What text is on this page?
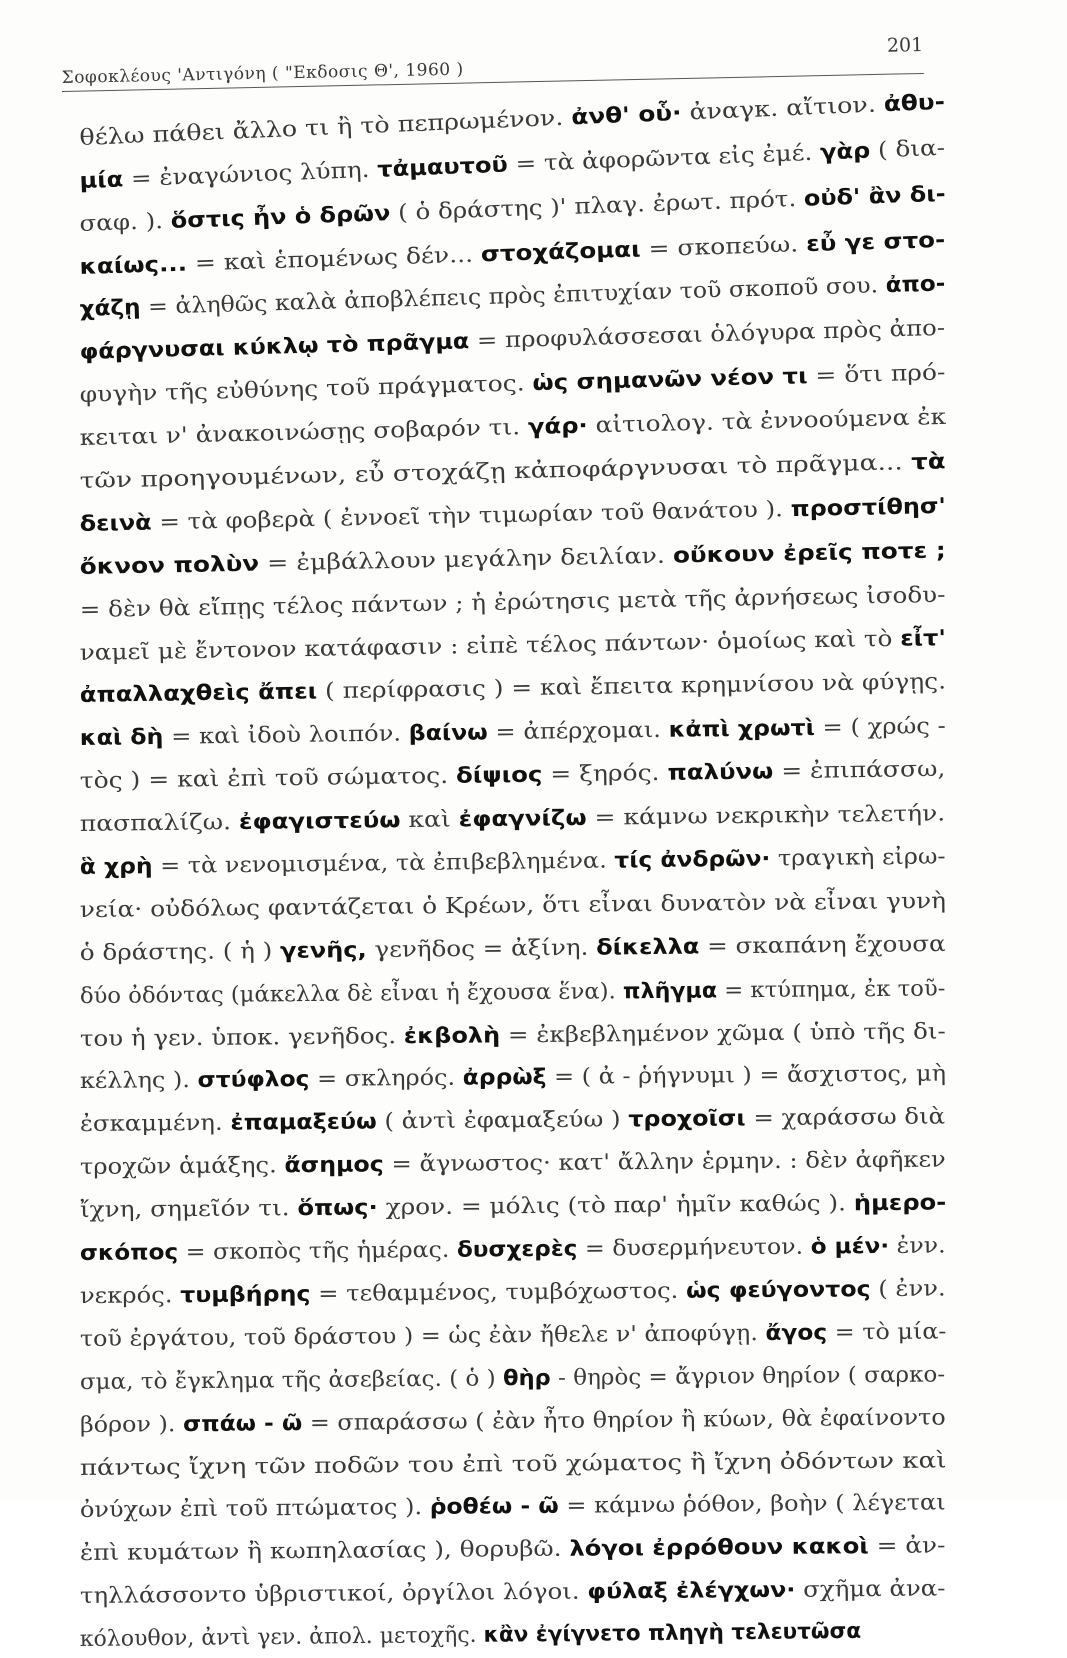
Σοφοκλέους 'Αντιγόνη ( "Εκδοσις Θ', 1960 )
201
θέλω πάθει ἄλλο τι ἢ τὸ πεπρωμένον. ἀνθ' οὗ· ἀναγκ. αἴτιον. ἀθυ-
μία = ἐναγώνιος λύπη. τἀμαυτοῦ = τὰ ἀφορῶντα εἰς ἐμέ. γὰρ ( δια-
σαφ. ). ὅστις ἦν ὁ δρῶν ( ὁ δράστης )' πλαγ. ἐρωτ. πρότ. οὐδ' ἂν δι-
καίως... = καὶ ἑπομένως δέν... στοχάζομαι = σκοπεύω. εὖ γε στο-
χάζῃ = ἀληθῶς καλὰ ἀποβλέπεις πρὸς ἐπιτυχίαν τοῦ σκοποῦ σου. ἀπο-
φάργνυσαι κύκλῳ τὸ πρᾶγμα = προφυλάσσεσαι ὁλόγυρα πρὸς ἀπο-
φυγὴν τῆς εὐθύνης τοῦ πράγματος. ὡς σημανῶν νέον τι = ὅτι πρό-
κειται ν' ἀνακοινώσῃς σοβαρόν τι. γάρ· αἰτιολογ. τὰ ἐννοούμενα ἐκ
τῶν προηγουμένων, εὖ στοχάζῃ κἀποφάργνυσαι τὸ πρᾶγμα... τὰ
δεινὰ = τὰ φοβερὰ ( ἐννοεῖ τὴν τιμωρίαν τοῦ θανάτου ). προστίθησ'
ὄκνον πολὺν = ἐμβάλλουν μεγάλην δειλίαν. οὔκουν ἐρεῖς ποτε ;
= δὲν θὰ εἴπῃς τέλος πάντων ; ἡ ἐρώτησις μετὰ τῆς ἀρνήσεως ἰσοδυ-
ναμεῖ μὲ ἔντονον κατάφασιν : εἰπὲ τέλος πάντων· ὁμοίως καὶ τὸ εἶτ'
ἀπαλλαχθεὶς ἄπει ( περίφρασις ) = καὶ ἔπειτα κρημνίσου νὰ φύγῃς.
καὶ δὴ = καὶ ἰδοὺ λοιπόν. βαίνω = ἀπέρχομαι. κἀπὶ χρωτὶ = ( χρώς -
τὸς ) = καὶ ἐπὶ τοῦ σώματος. δίψιος = ξηρός. παλύνω = ἐπιπάσσω,
πασπαλίζω. ἐφαγιστεύω καὶ ἐφαγνίζω = κάμνω νεκρικὴν τελετήν.
ἃ χρὴ = τὰ νενομισμένα, τὰ ἐπιβεβλημένα. τίς ἀνδρῶν· τραγικὴ εἰρω-
νεία· οὐδόλως φαντάζεται ὁ Κρέων, ὅτι εἶναι δυνατὸν νὰ εἶναι γυνὴ
ὁ δράστης. ( ἡ ) γενῆς, γενῆδος = ἀξίνη. δίκελλα = σκαπάνη ἔχουσα
δύο ὀδόντας (μάκελλα δὲ εἶναι ἡ ἔχουσα ἕνα). πλῆγμα = κτύπημα, ἐκ τοῦ-
του ἡ γεν. ὑποκ. γενῆδος. ἐκβολὴ = ἐκβεβλημένον χῶμα ( ὑπὸ τῆς δι-
κέλλης ). στύφλος = σκληρός. ἀρρὼξ = ( ἀ - ῥήγνυμι ) = ἄσχιστος, μὴ
ἐσκαμμένη. ἐπαμαξεύω ( ἀντὶ ἐφαμαξεύω ) τροχοῖσι = χαράσσω διὰ
τροχῶν ἁμάξης. ἄσημος = ἄγνωστος· κατ' ἄλλην ἑρμην. : δὲν ἀφῆκεν
ἴχνη, σημεῖόν τι. ὅπως· χρον. = μόλις (τὸ παρ' ἡμῖν καθώς ). ἡμερο-
σκόπος = σκοπὸς τῆς ἡμέρας. δυσχερὲς = δυσερμήνευτον. ὁ μέν· ἐνν.
νεκρός. τυμβήρης = τεθαμμένος, τυμβόχωστος. ὡς φεύγοντος ( ἐνν.
τοῦ ἐργάτου, τοῦ δράστου ) = ὡς ἐὰν ἤθελε ν' ἀποφύγῃ. ἄγος = τὸ μία-
σμα, τὸ ἔγκλημα τῆς ἀσεβείας. ( ὁ ) θὴρ - θηρὸς = ἄγριον θηρίον ( σαρκο-
βόρον ). σπάω - ῶ = σπαράσσω ( ἐὰν ἦτο θηρίον ἢ κύων, θὰ ἐφαίνοντο
πάντως ἴχνη τῶν ποδῶν του ἐπὶ τοῦ χώματος ἢ ἴχνη ὀδόντων καὶ
ὀνύχων ἐπὶ τοῦ πτώματος ). ῥοθέω - ῶ = κάμνω ῥόθον, βοὴν ( λέγεται
ἐπὶ κυμάτων ἢ κωπηλασίας ), θορυβῶ. λόγοι ἐρρόθουν κακοὶ = ἀν-
τηλλάσσοντο ὑβριστικοί, ὀργίλοι λόγοι. φύλαξ ἐλέγχων· σχῆμα ἀνα-
κόλουθον, ἀντὶ γεν. ἀπολ. μετοχῆς. κἂν ἐγίγνετο πληγὴ τελευτῶσα
